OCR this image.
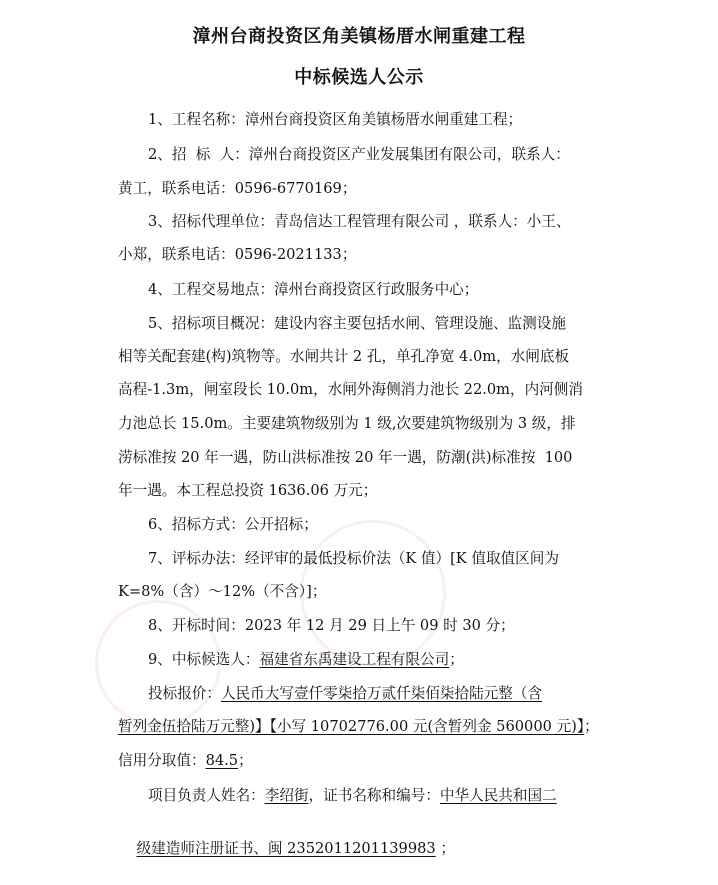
漳州台商投资区角美镇杨厝水闸重建工程
中标候选人公示
1、工程名称：漳州台商投资区角美镇杨厝水闸重建工程；
2、招  标  人：漳州台商投资区产业发展集团有限公司，联系人：
黄工，联系电话：0596-6770169；
3、招标代理单位：青岛信达工程管理有限公司 ，联系人：小王、
小郑，联系电话：0596-2021133；
4、工程交易地点：漳州台商投资区行政服务中心；
5、招标项目概况：建设内容主要包括水闸、管理设施、监测设施
相等关配套建(构)筑物等。水闸共计 2 孔，单孔净宽 4.0m，水闸底板
高程-1.3m，闸室段长 10.0m，水闸外海侧消力池长 22.0m，内河侧消
力池总长 15.0m。主要建筑物级别为 1 级,次要建筑物级别为 3 级，排
涝标准按 20 年一遇，防山洪标准按 20 年一遇，防潮(洪)标准按  100
年一遇。本工程总投资 1636.06 万元；
6、招标方式：公开招标；
7、评标办法：经评审的最低投标价法（K 值）[K 值取值区间为
K=8%（含）～12%（不含）]；
8、开标时间：2023 年 12 月 29 日上午 09 时 30 分；
9、中标候选人：福建省东禹建设工程有限公司；
投标报价：人民币大写壹仟零柒拾万贰仟柒佰柒拾陆元整（含
暂列金伍拾陆万元整)】【小写 10702776.00 元(含暂列金 560000 元)】；
信用分取值：84.5；
项目负责人姓名：李绍街，证书名称和编号：中华人民共和国二

级建造师注册证书、闽 2352011201139983 ；
